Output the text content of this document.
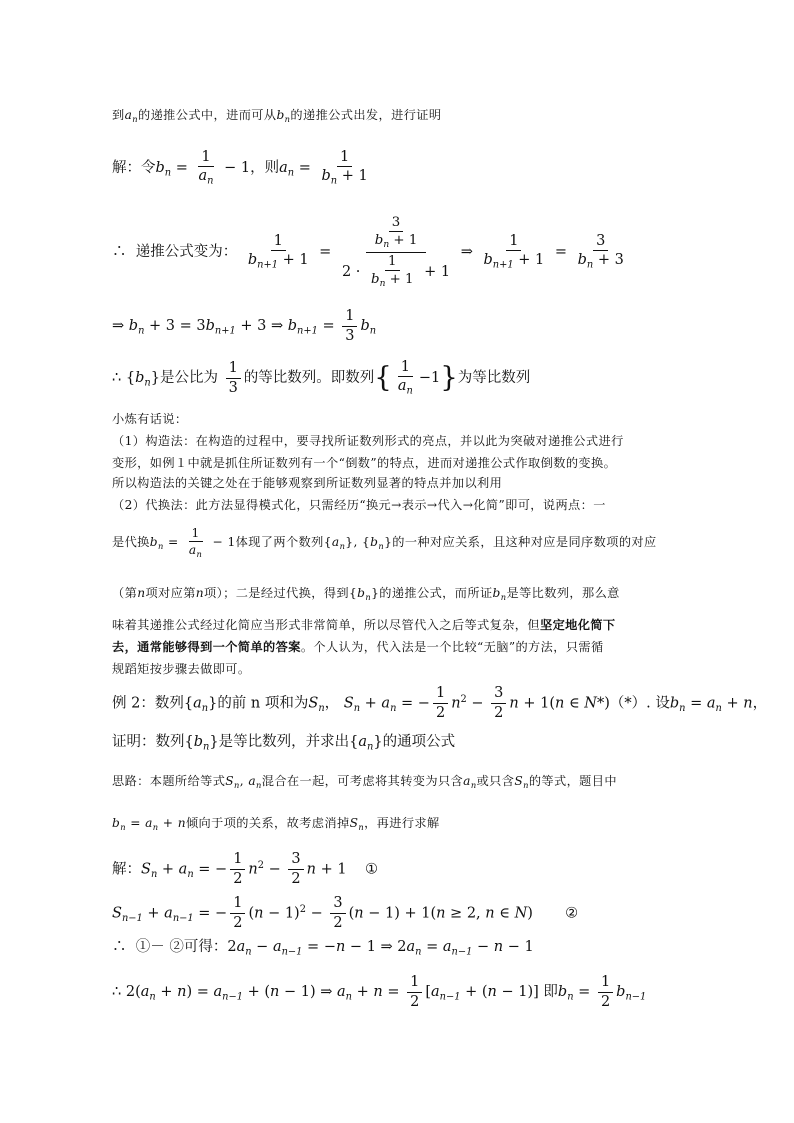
到$a_n$的递推公式中，进而可从$b_n$的递推公式出发，进行证明
解：令$b_n = \frac{1}{a_n} - 1$，则$a_n = \frac{1}{b_n + 1}$
∴ 递推公式变为： $\frac{1}{b_{n+1} + 1} = \frac{\frac{3}{b_n + 1}}{2 \cdot \frac{1}{b_n + 1} + 1}$ ⇒ $\frac{1}{b_{n+1} + 1} = \frac{3}{b_n + 3}$
⇒ $b_n + 3 = 3b_{n+1} + 3$ ⇒ $b_{n+1} = \frac{1}{3} b_n$
∴ $\{b_n\}$是公比为 $\frac{1}{3}$ 的等比数列。即数列{ $\frac{1}{a_n} -1$}为等比数列
小炼有话说：
（1）构造法：在构造的过程中，要寻找所证数列形式的亮点，并以此为突破对递推公式进行
变形，如例１中就是抓住所证数列有一个“倒数”的特点，进而对递推公式作取倒数的变换。
所以构造法的关键之处在于能够观察到所证数列显著的特点并加以利用
（2）代换法：此方法显得模式化，只需经历“换元→表示→代入→化简”即可，说两点：一
是代换$b_n = \frac{1}{a_n} - 1$体现了两个数列$\{a_n\}$, $\{b_n\}$的一种对应关系，且这种对应是同序数项的对应
（第n项对应第n项）；二是经过代换，得到$\{b_n\}$的递推公式，而所证$b_n$是等比数列，那么意
味着其递推公式经过化简应当形式非常简单，所以尽管代入之后等式复杂，但坚定地化简下
去，通常能够得到一个简单的答案。个人认为，代入法是一个比较“无脑”的方法，只需循
规蹈矩按步骤去做即可。
例 2：数列$\{a_n\}$的前 n 项和为$S_n$， $S_n + a_n$ = − $\frac{1}{2} n^2 - \frac{3}{2}$ n + 1(n ∈ N*)（*）. 设$b_n = a_n + n$，
证明：数列$\{b_n\}$是等比数列，并求出$\{a_n\}$的通项公式
思路：本题所给等式$S_n$, $a_n$混合在一起，可考虑将其转变为只含$a_n$或只含$S_n$的等式，题目中
$b_n = a_n + n$倾向于项的关系，故考虑消掉$S_n$，再进行求解
解：$S_n + a_n$ = − $\frac{1}{2} n^2 - \frac{3}{2}$ n + 1    ①
$S_{n-1} + a_{n-1}$ = − $\frac{1}{2} (n - 1)^2 - \frac{3}{2} (n - 1) + 1(n \ge 2$, n ∈ N)       ②
∴ ①－ ②可得：$2a_n - a_{n-1} = -n - 1$ ⇒ $2a_n = a_{n-1} - n - 1$
∴ $2(a_n + n) = a_{n-1} + (n - 1)$ ⇒ $a_n + n = \frac{1}{2} [a_{n-1} + (n - 1)]$ 即$b_n = \frac{1}{2} b_{n-1}$
